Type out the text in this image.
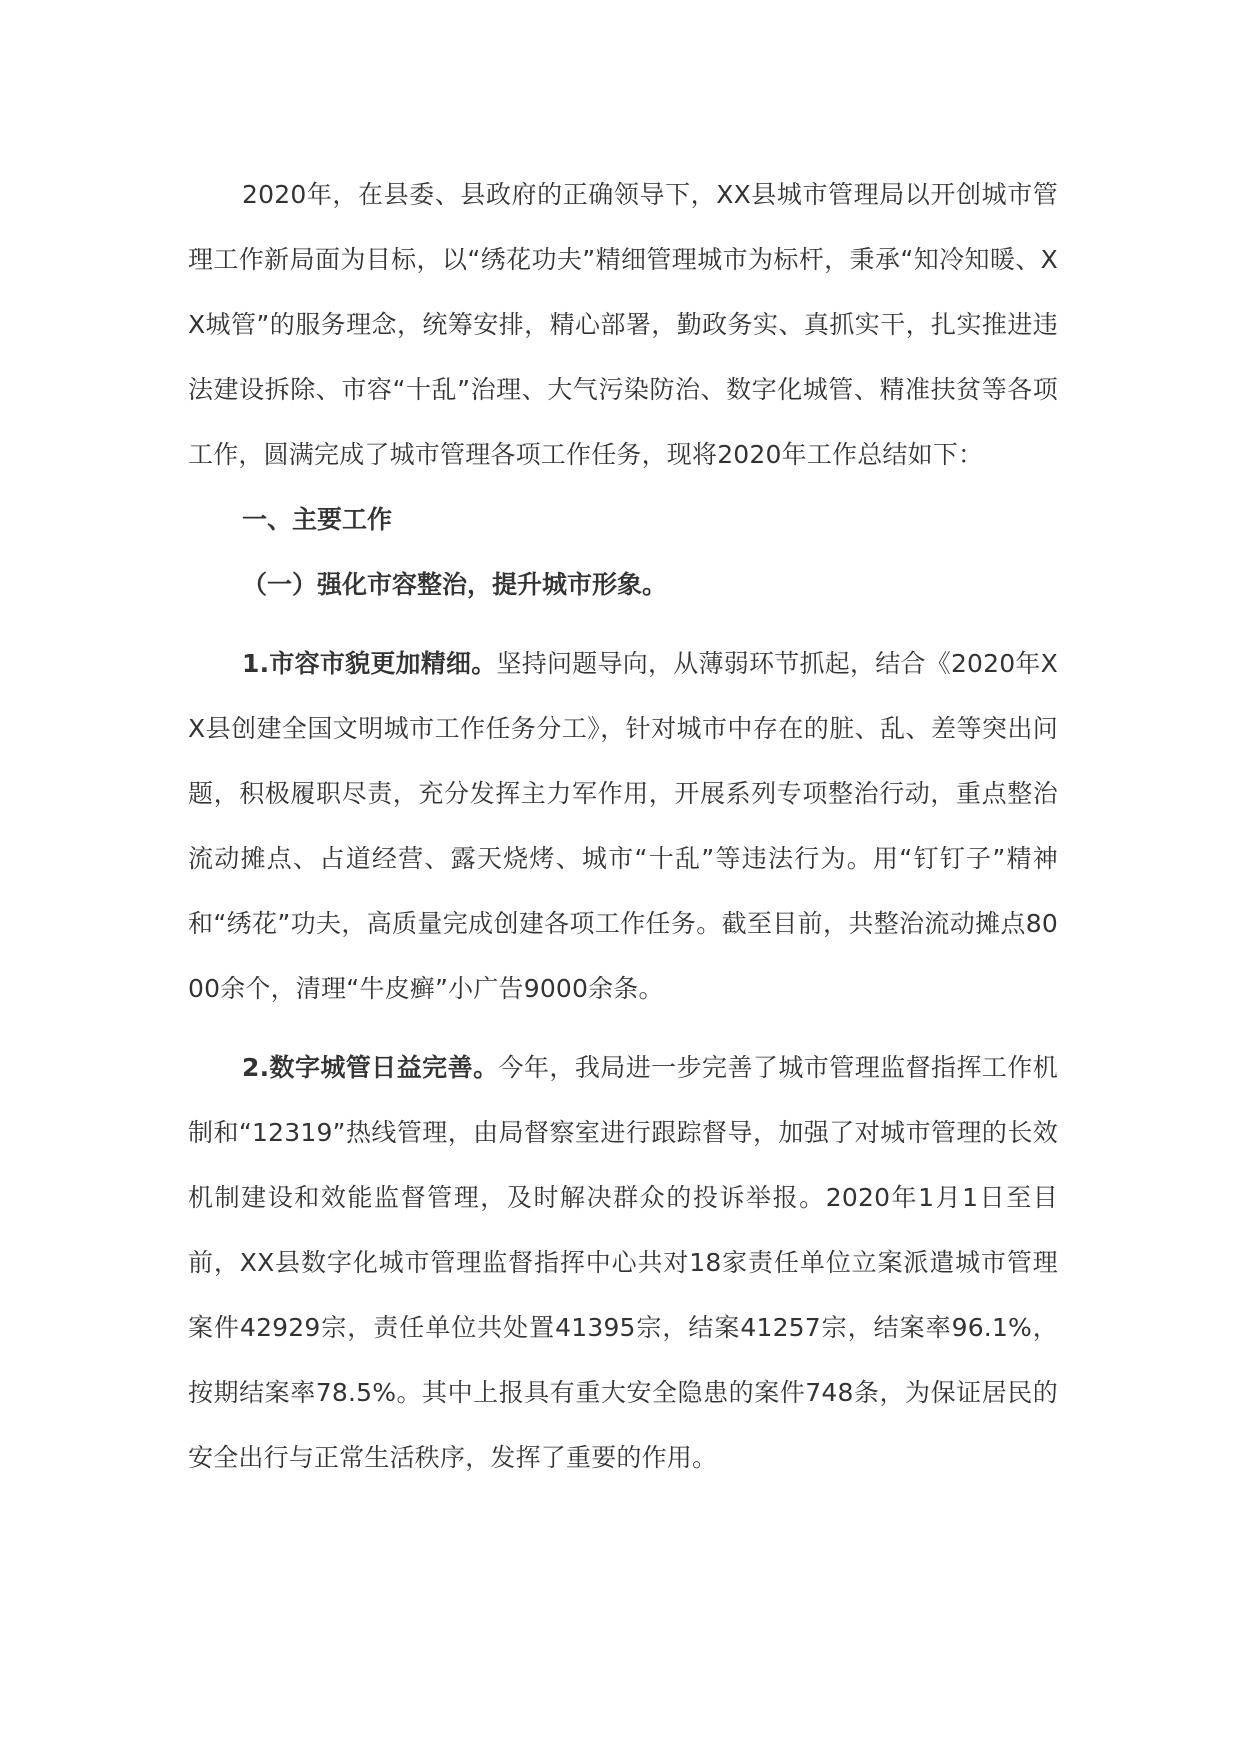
2020年，在县委、县政府的正确领导下，XX县城市管理局以开创城市管理工作新局面为目标，以“绣花功夫”精细管理城市为标杆，秉承“知冷知暖、XX城管”的服务理念，统筹安排，精心部署，勤政务实、真抓实干，扎实推进违法建设拆除、市容“十乱”治理、大气污染防治、数字化城管、精准扶贫等各项工作，圆满完成了城市管理各项工作任务，现将2020年工作总结如下：

一、主要工作

（一）强化市容整治，提升城市形象。

1.市容市貌更加精细。坚持问题导向，从薄弱环节抓起，结合《2020年XX县创建全国文明城市工作任务分工》，针对城市中存在的脏、乱、差等突出问题，积极履职尽责，充分发挥主力军作用，开展系列专项整治行动，重点整治流动摊点、占道经营、露天烧烤、城市“十乱”等违法行为。用“钉钉子”精神和“绣花”功夫，高质量完成创建各项工作任务。截至目前，共整治流动摊点8000余个，清理“牛皮癣”小广告9000余条。

2.数字城管日益完善。今年，我局进一步完善了城市管理监督指挥工作机制和“12319”热线管理，由局督察室进行跟踪督导，加强了对城市管理的长效机制建设和效能监督管理，及时解决群众的投诉举报。2020年1月1日至目前，XX县数字化城市管理监督指挥中心共对18家责任单位立案派遣城市管理案件42929宗，责任单位共处置41395宗，结案41257宗，结案率96.1%，按期结案率78.5%。其中上报具有重大安全隐患的案件748条，为保证居民的安全出行与正常生活秩序，发挥了重要的作用。
